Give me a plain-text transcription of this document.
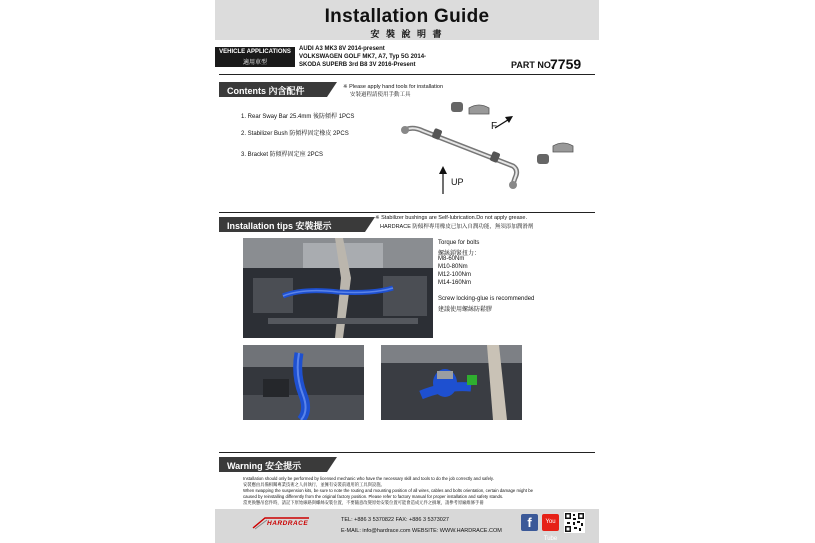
Installation Guide
安 裝 說 明 書
VEHICLE APPLICATIONS
適用車型
AUDI A3 MK3 8V 2014-present
VOLKSWAGEN GOLF MK7, A7, Typ 5G 2014-
SKODA SUPERB 3rd B8 3V 2016-Present	PART NO.
7759
Contents 內含配件	※ Please apply hand tools for installation
安裝過程請使用手動工具
1. Rear Sway Bar 25.4mm 後防傾桿 1PCS
2. Stabilizer Bush 防傾桿固定橡皮 2PCS
3. Bracket 防傾桿固定座 2PCS
F
UP
Installation tips 安裝提示
※ Stabilizer bushings are Self-lubrication.Do not apply grease.
HARDRACE 防傾桿專用橡皮已加入自潤功能，無須添加潤滑劑
Torque for bolts
螺絲鎖緊扭力：
M8-60Nm
M10-80Nm
M12-100Nm
M14-160Nm
Screw locking-glue is recommended
建議使用螺絲防鬆膠
Warning 安全提示
Installation should only be performed by licensed mechanic who have the necessary skill and tools to do the job correctly and safely.
安裝應由具備相關專業技術之人員執行，並擁有安裝前適用的工具與設施。
When swapping the suspension kits, be sure to note the routing and mounting position of all wires, cables and bolts orientation, certain damage might be
caused by reinstalling differently from the original factory position. Please refer to factory manual for proper installation and safety stands.
當更換懸吊套件時，請記下原始線路與螺絲安裝位置，不要隨意改變原始安裝位置可能會造成元件之損壞，請參考原廠維修手冊
HARDRACE	TEL: +886 3 5370822 FAX: +886 3 5373027
E-MAIL: info@hardrace.com WEBSITE: WWW.HARDRACE.COM
f	You Tube
